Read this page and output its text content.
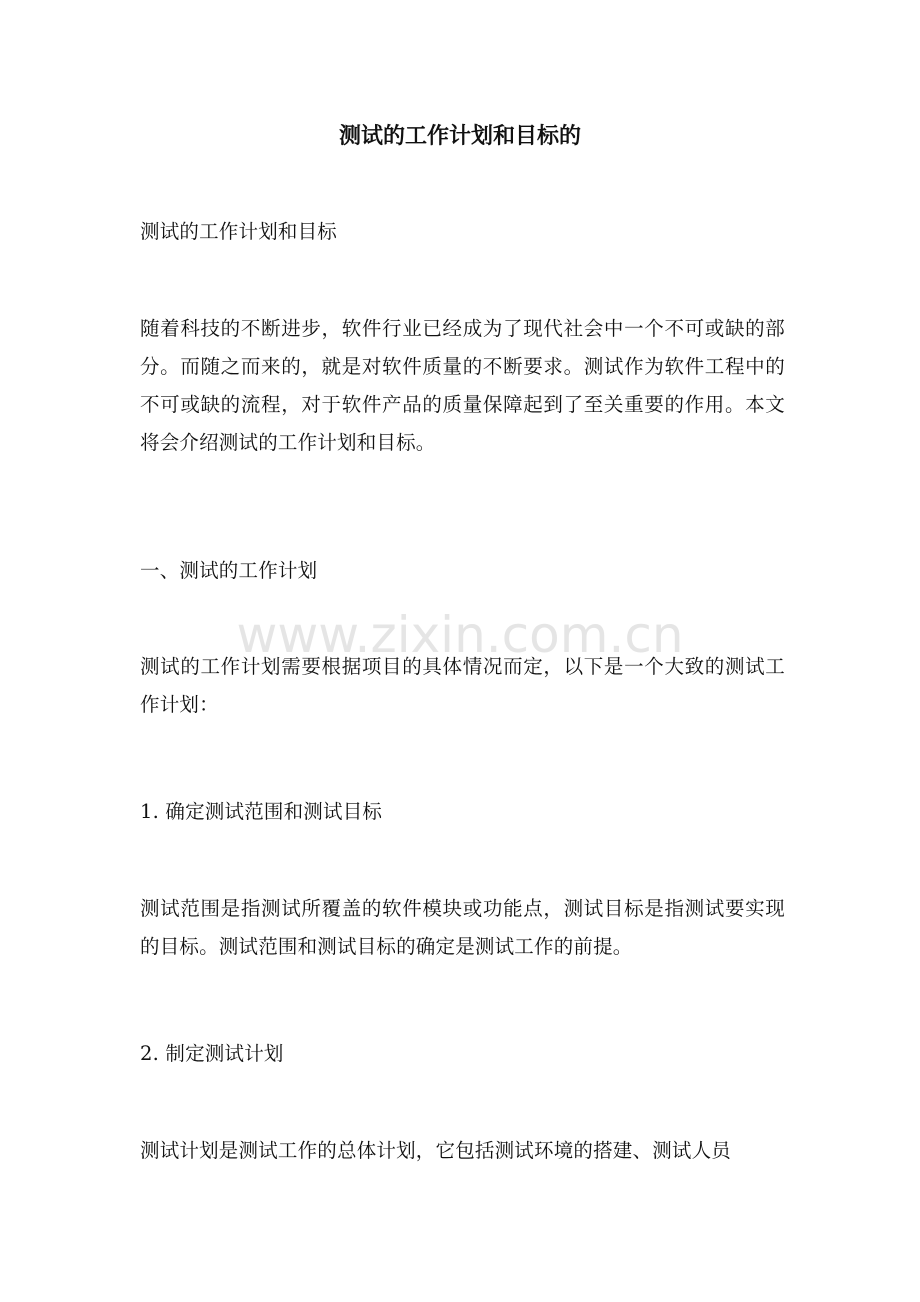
测试的工作计划和目标的

测试的工作计划和目标

随着科技的不断进步，软件行业已经成为了现代社会中一个不可或缺的部分。而随之而来的，就是对软件质量的不断要求。测试作为软件工程中的不可或缺的流程，对于软件产品的质量保障起到了至关重要的作用。本文将会介绍测试的工作计划和目标。

一、测试的工作计划

测试的工作计划需要根据项目的具体情况而定，以下是一个大致的测试工作计划：

1. 确定测试范围和测试目标

测试范围是指测试所覆盖的软件模块或功能点，测试目标是指测试要实现的目标。测试范围和测试目标的确定是测试工作的前提。

2. 制定测试计划

测试计划是测试工作的总体计划，它包括测试环境的搭建、测试人员

www.zixin.com.cn
